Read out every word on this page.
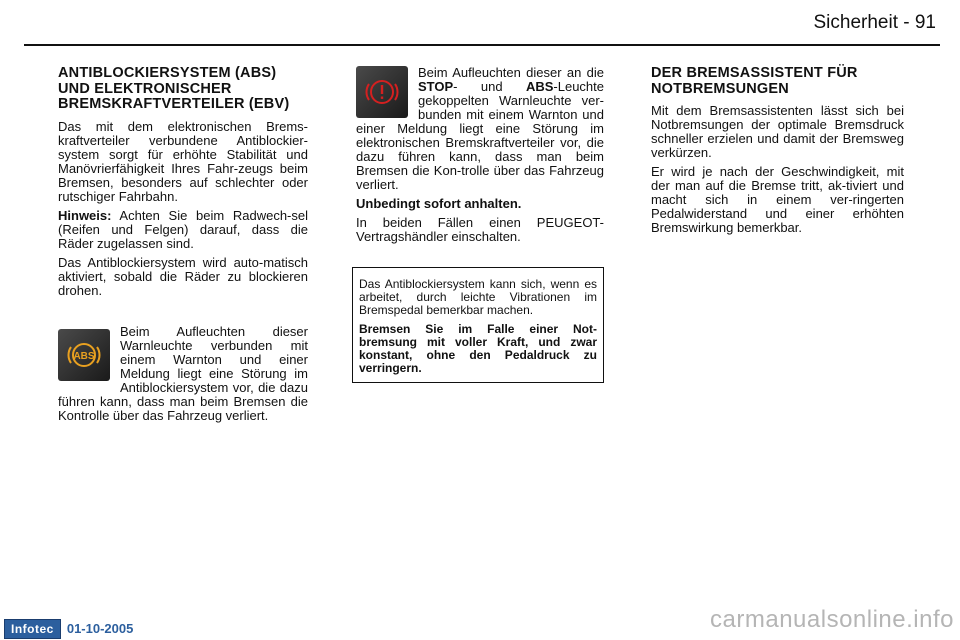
Sicherheit - 91
ANTIBLOCKIERSYSTEM (ABS) UND ELEKTRONISCHER BREMSKRAFTVERTEILER (EBV)

Das mit dem elektronischen Brems-kraftverteiler verbundene Antiblockier-system sorgt für erhöhte Stabilität und Manövrierfähigkeit Ihres Fahr-zeugs beim Bremsen, besonders auf schlechter oder rutschiger Fahrbahn.

Hinweis: Achten Sie beim Radwech-sel (Reifen und Felgen) darauf, dass die Räder zugelassen sind.

Das Antiblockiersystem wird auto-matisch aktiviert, sobald die Räder zu blockieren drohen.

ABS

Beim Aufleuchten dieser Warnleuchte verbunden mit einem Warnton und einer Meldung liegt eine Störung im Antiblockiersystem vor, die dazu führen kann, dass man beim Bremsen die Kontrolle über das Fahrzeug verliert.

Beim Aufleuchten dieser an die STOP- und ABS-Leuchte gekoppelten Warnleuchte ver-bunden mit einem Warnton und einer Meldung liegt eine Störung im elektronischen Bremskraftverteiler vor, die dazu führen kann, dass man beim Bremsen die Kon-trolle über das Fahrzeug verliert.

Unbedingt sofort anhalten.

In beiden Fällen einen PEUGEOT-Vertragshändler einschalten.

Das Antiblockiersystem kann sich, wenn es arbeitet, durch leichte Vibrationen im Bremspedal bemerkbar machen.

Bremsen Sie im Falle einer Not-bremsung mit voller Kraft, und zwar konstant, ohne den Pedaldruck zu verringern.

DER BREMSASSISTENT FÜR NOTBREMSUNGEN

Mit dem Bremsassistenten lässt sich bei Notbremsungen der optimale Bremsdruck schneller erzielen und damit der Bremsweg verkürzen.

Er wird je nach der Geschwindigkeit, mit der man auf die Bremse tritt, ak-tiviert und macht sich in einem ver-ringerten Pedalwiderstand und einer erhöhten Bremswirkung bemerkbar.

Infotec	01-10-2005	carmanualsonline.info
